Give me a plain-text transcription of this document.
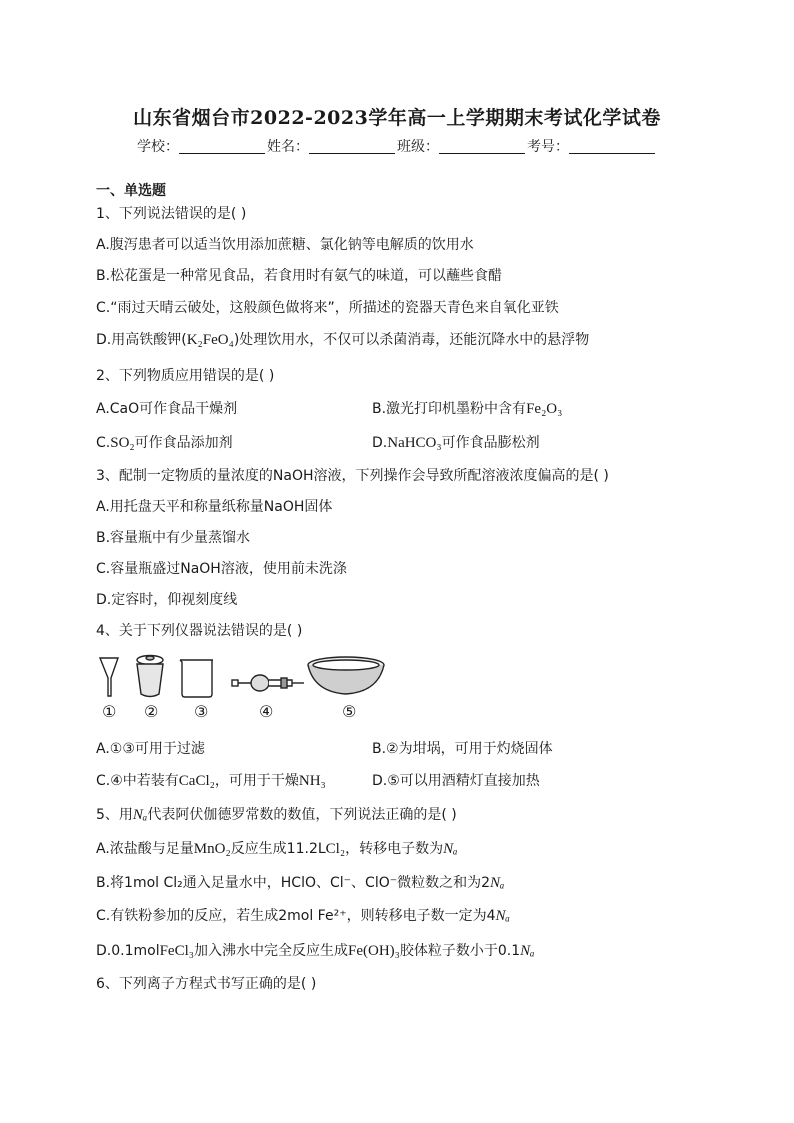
山东省烟台市2022-2023学年高一上学期期末考试化学试卷
学校：	姓名：	班级：	考号：
一、单选题
1、下列说法错误的是( )
A.腹泻患者可以适当饮用添加蔗糖、氯化钠等电解质的饮用水
B.松花蛋是一种常见食品，若食用时有氨气的味道，可以蘸些食醋
C.“雨过天晴云破处，这般颜色做将来”，所描述的瓷器天青色来自氧化亚铁
D.用高铁酸钾(K₂FeO₄)处理饮用水，不仅可以杀菌消毒，还能沉降水中的悬浮物
2、下列物质应用错误的是( )
A.CaO可作食品干燥剂	B.激光打印机墨粉中含有Fe₂O₃
C.SO₂可作食品添加剂	D.NaHCO₃可作食品膨松剂
3、配制一定物质的量浓度的NaOH溶液，下列操作会导致所配溶液浓度偏高的是( )
A.用托盘天平和称量纸称量NaOH固体
B.容量瓶中有少量蒸馏水
C.容量瓶盛过NaOH溶液，使用前未洗涤
D.定容时，仰视刻度线
4、关于下列仪器说法错误的是( )
① ② ③	④	⑤
A.①③可用于过滤	B.②为坩埚，可用于灼烧固体
C.④中若装有CaCl₂，可用于干燥NH₃	D.⑤可以用酒精灯直接加热
5、用Nₐ代表阿伏伽德罗常数的数值，下列说法正确的是( )
A.浓盐酸与足量MnO₂反应生成11.2LCl₂，转移电子数为Nₐ
B.将1mol Cl₂通入足量水中，HClO、Cl⁻、ClO⁻微粒数之和为2Nₐ
C.有铁粉参加的反应，若生成2mol Fe²⁺，则转移电子数一定为4Nₐ
D.0.1molFeCl₃加入沸水中完全反应生成Fe(OH)₃胶体粒子数小于0.1Nₐ
6、下列离子方程式书写正确的是( )
